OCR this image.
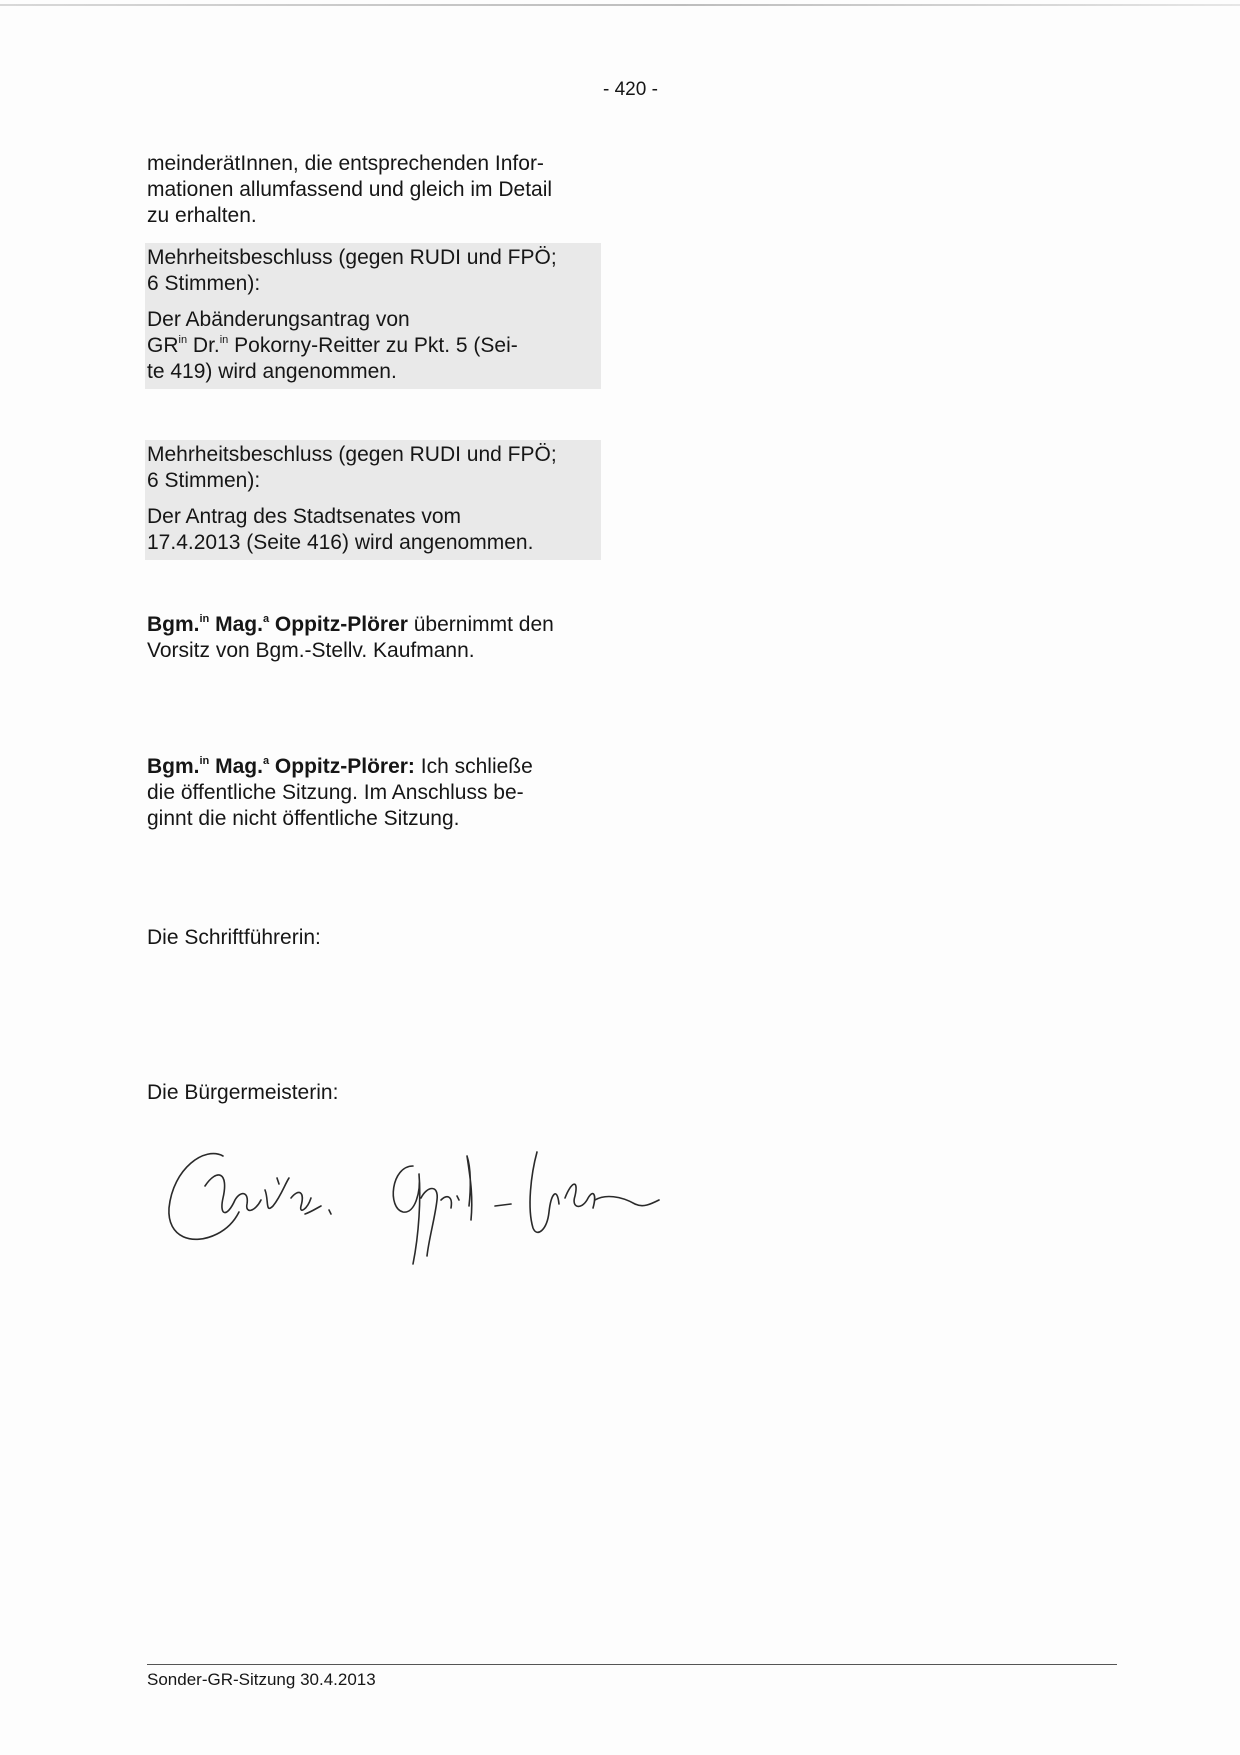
- 420 -

meinderätInnen, die entsprechenden Infor-

mationen allumfassend und gleich im Detail

zu erhalten.

Mehrheitsbeschluss (gegen RUDI und FPÖ;

6 Stimmen):

Der Abänderungsantrag von

$GR^{in}$ Dr.$^{in}$ Pokorny-Reitter zu Pkt. 5 (Sei-

te 419) wird angenommen.

Mehrheitsbeschluss (gegen RUDI und FPÖ;

6 Stimmen):

Der Antrag des Stadtsenates vom

17.4.2013 (Seite 416) wird angenommen.

Bgm.$^{in}$ Mag.$^a$ Oppitz-Plörer übernimmt den

Vorsitz von Bgm.-Stellv. Kaufmann.

Bgm.$^{in}$ Mag.$^a$ Oppitz-Plörer: Ich schließe

die öffentliche Sitzung. Im Anschluss be-

ginnt die nicht öffentliche Sitzung.

Die Schriftführerin:

Die Bürgermeisterin:

Sonder-GR-Sitzung 30.4.2013
